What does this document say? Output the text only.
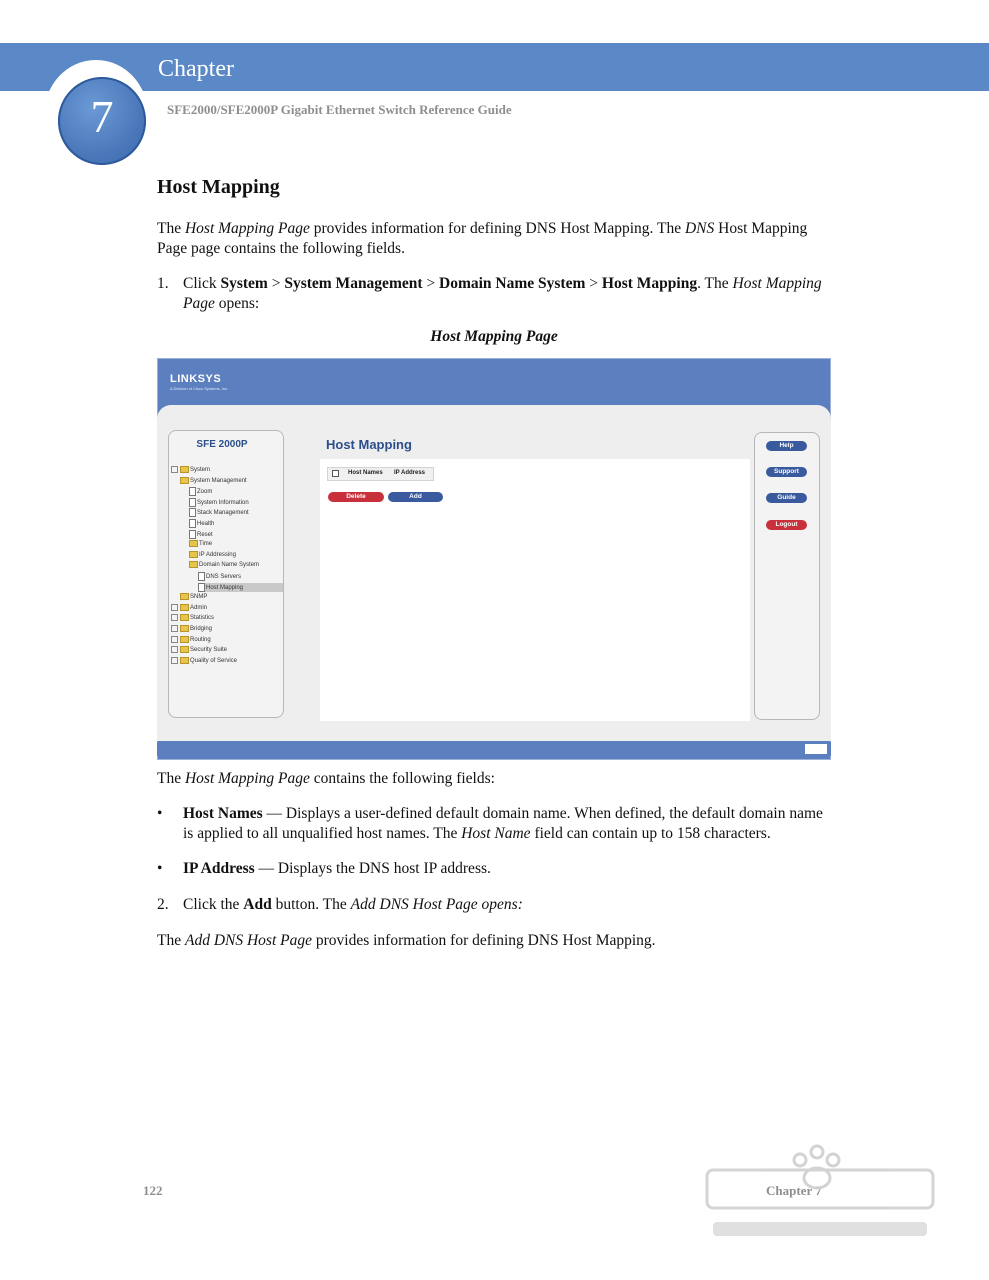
Chapter
7	SFE2000/SFE2000P Gigabit Ethernet Switch Reference Guide
Host Mapping
The Host Mapping Page provides information for defining DNS Host Mapping. The DNS Host Mapping Page page contains the following fields.
1. Click System > System Management > Domain Name System > Host Mapping. The Host Mapping Page opens:
Host Mapping Page
LINKSYS
A Division of Cisco Systems, Inc.
SFE 2000P
System
System Management
Zoom
System Information
Stack Management
Health
Reset
Time
IP Addressing
Domain Name System
DNS Servers
Host Mapping
SNMP
Admin
Statistics
Bridging
Routing
Security Suite
Quality of Service
Host Mapping
Host Names IP Address
Delete	Add
Help
Support
Guide
Logout
The Host Mapping Page contains the following fields:
• Host Names — Displays a user-defined default domain name. When defined, the default domain name is applied to all unqualified host names. The Host Name field can contain up to 158 characters.
• IP Address — Displays the DNS host IP address.
2. Click the Add button. The Add DNS Host Page opens:
The Add DNS Host Page provides information for defining DNS Host Mapping.
122	Chapter 7
